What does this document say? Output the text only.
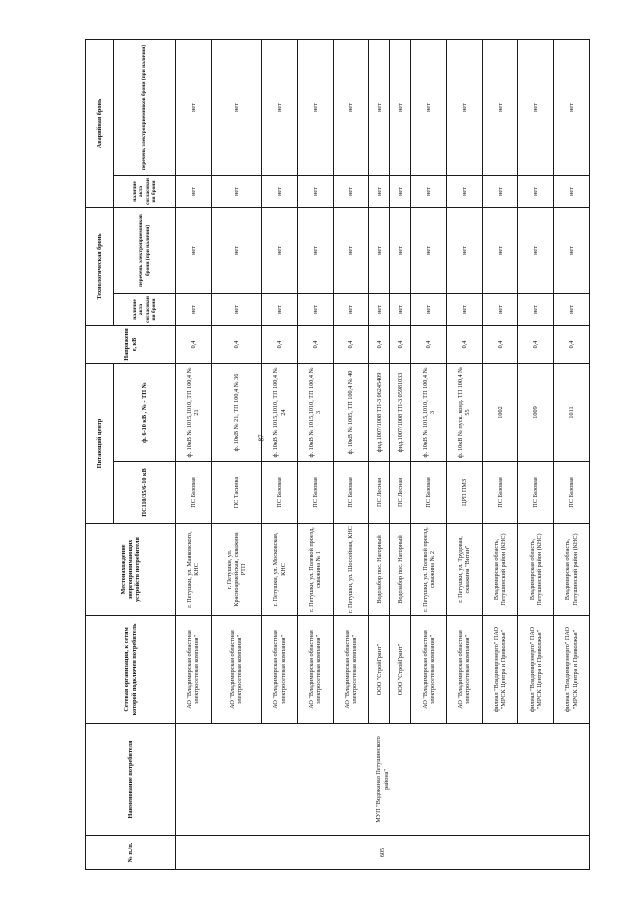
87
№ п./п.	Наименование потребителя	Сетевая организация, к сетям которой подключен потребитель	Местонахождение энергопринимающих устройств потребителя	Питающий центр		Напряжение, кВ	Технологическая бронь		Аварийная бронь	
				ПС110/35/6-10 кВ	ф. 6-10 кВ , № - ТП №		наличие акта согласования брони	перечень электроприемников брони (при наличии)	наличие акта согласования брони	перечень электроприемников брони (при наличии)
605	МУП "Водоканал Петушинского района"	АО "Владимирская областная электросетевая компания"	г. Петушки, ул. Маяковского, КНС	ПС Базовая	ф. 10кВ № 1015,1010, ТП 100,4 № 21	0,4	нет	нет	нет	нет
		АО "Владимирская областная электросетевая компания"	г. Петушки, ул. Красноармейская, скважина РТП	ПС Тасинка	ф. 10кВ № 21, ТП 100,4 № 36	0,4	нет	нет	нет	нет
		АО "Владимирская областная электросетевая компания"	г. Петушки, ул. Московская, КНС	ПС Базовая	ф. 10кВ № 1015,1010, ТП 100,4 № 24	0,4	нет	нет	нет	нет
		АО "Владимирская областная электросетевая компания"	г. Петушки, ул. Полевой проезд, скважина № 1	ПС Базовая	ф. 10кВ № 1015,1010, ТП 100,4 № 3	0,4	нет	нет	нет	нет
		АО "Владимирская областная электросетевая компания"	г. Петушки, ул. Шоссейная, КНС	ПС Базовая	ф. 10кВ № 1005, ТП 100,4 № 40	0,4	нет	нет	нет	нет
		ООО "СтройГрант"	Водозабор пос. Нагорный	ПС Лесная	фид.1007/1008 ТП-3 06245409	0,4	нет	нет	нет	нет
		ООО "СтройГрант"	Водозабор пос. Нагорный	ПС Лесная	фид.1007/1008 ТП-3 05981033	0,4	нет	нет	нет	нет
		АО "Владимирская областная электросетевая компания"	г. Петушки, ул. Полевой проезд, скважина № 2	ПС Базовая	ф. 10кВ № 1015,1010, ТП 100,4 № 3	0,4	нет	нет	нет	нет
		АО "Владимирская областная электросетевая компания"	г. Петушки, ул. Трудовая, скважина "Витан"	ЦРП ПМЗ	ф. 10кВ № пуск. конд. ТП 100,4 № 55	0,4	нет	нет	нет	нет
		филиал "Владимирэнерго" ПАО "МРСК Центра и Приволжья"	Владимирская область, Петушинский район (КНС)	ПС Базовая	1002	0,4	нет	нет	нет	нет
		филиал "Владимирэнерго" ПАО "МРСК Центра и Приволжья"	Владимирская область, Петушинский район (КНС)	ПС Базовая	1009	0,4	нет	нет	нет	нет
		филиал "Владимирэнерго" ПАО "МРСК Центра и Приволжья"	Владимирская область, Петушинский район (КНС)	ПС Базовая	1011	0,4	нет	нет	нет	нет
